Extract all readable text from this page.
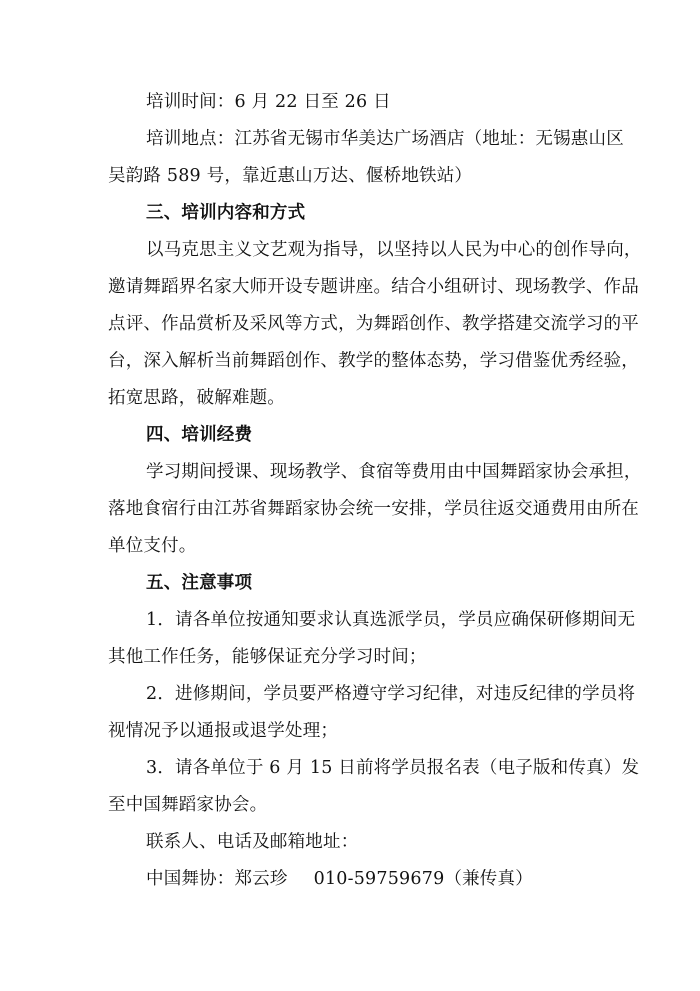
培训时间：6 月 22 日至 26 日

培训地点：江苏省无锡市华美达广场酒店（地址：无锡惠山区

吴韵路 589 号，靠近惠山万达、偃桥地铁站）

三、培训内容和方式

以马克思主义文艺观为指导，以坚持以人民为中心的创作导向，

邀请舞蹈界名家大师开设专题讲座。结合小组研讨、现场教学、作品

点评、作品赏析及采风等方式，为舞蹈创作、教学搭建交流学习的平

台，深入解析当前舞蹈创作、教学的整体态势，学习借鉴优秀经验，

拓宽思路，破解难题。

四、培训经费

学习期间授课、现场教学、食宿等费用由中国舞蹈家协会承担，

落地食宿行由江苏省舞蹈家协会统一安排，学员往返交通费用由所在

单位支付。

五、注意事项

1．请各单位按通知要求认真选派学员，学员应确保研修期间无

其他工作任务，能够保证充分学习时间；

2．进修期间，学员要严格遵守学习纪律，对违反纪律的学员将

视情况予以通报或退学处理；

3．请各单位于 6 月 15 日前将学员报名表（电子版和传真）发

至中国舞蹈家协会。

联系人、电话及邮箱地址：

中国舞协：郑云珍 010-59759679（兼传真）
